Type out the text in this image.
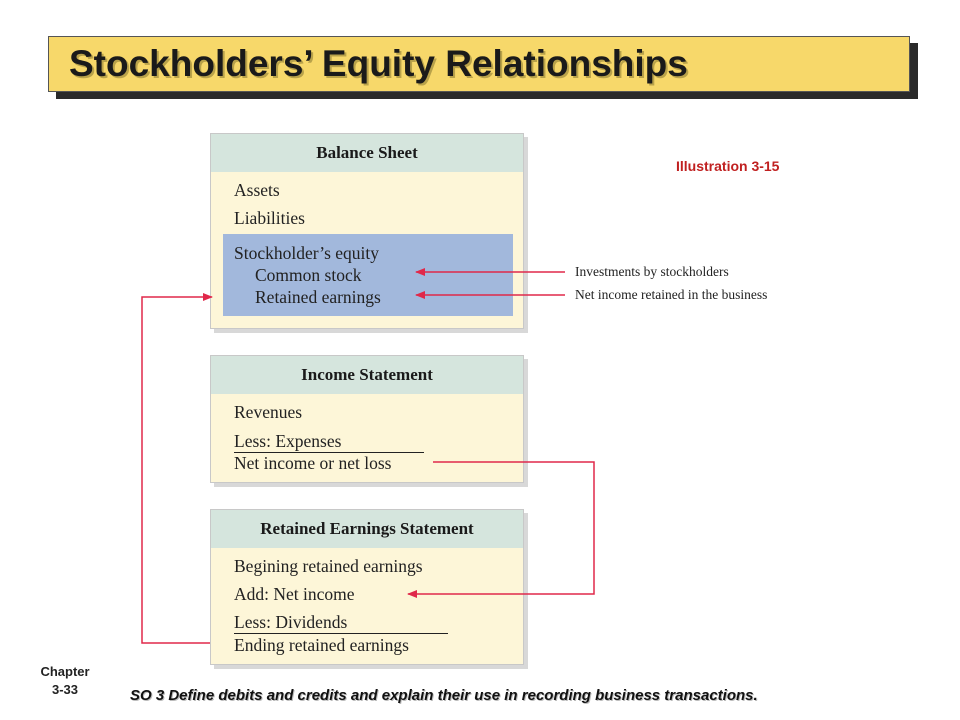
Stockholders’ Equity Relationships
Illustration 3-15
Balance Sheet
Assets
Liabilities
Stockholder’s equity
Common stock
Retained earnings
Income Statement
Revenues
Less: Expenses
Net income or net loss
Retained Earnings Statement
Begining retained earnings
Add: Net income
Less: Dividends
Ending retained earnings
Investments by stockholders
Net income retained in the business
Chapter
3-33	SO 3 Define debits and credits and explain their use in recording business transactions.
